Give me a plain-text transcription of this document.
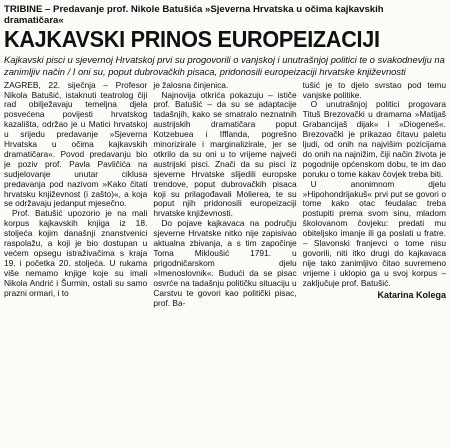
TRIBINE – Predavanje prof. Nikole Batušića »Sjeverna Hrvatska u očima kajkavskih dramatičara«
KAJKAVSKI PRINOS EUROPEIZACIJI
Kajkavski pisci u sjevernoj Hrvatskoj prvi su progovorili o vanjskoj i unutrašnjoj politici te o svakodnevlju na zanimljiv način / I oni su, poput dubrovačkih pisaca, pridonosili europeizaciji hrvatske književnosti

ZAGREB, 22. siječnja – Profesor Nikola Batušić, istaknuti teatrolog čiji rad obilježavaju temeljna djela posvećena povijesti hrvatskog kazališta, održao je u Matici hrvatskoj u srijedu predavanje »Sjeverna Hrvatska u očima kajkavskih dramatičara«. Povod predavanju bio je poziv prof. Pavla Pavličića na sudjelovanje unutar ciklusa predavanja pod nazivom »Kako čitati hrvatsku književnost (i zašto)«, a koja se održavaju jedanput mjesečno.

Prof. Batušić upozorio je na mali korpus kajkavskih knjiga iz 18. stoljeća kojim današnji znanstvenici raspolažu, a koji je bio dostupan u većem opsegu istraživačima s kraja 19. i početka 20. stoljeća. U rukama više nemamo knjige koje su imali Nikola Andrić i Šurmin, ostali su samo prazni ormari, i to

je žalosna činjenica.

Najnovija otkrića pokazuju – ističe prof. Batušić – da su se adaptacije tadašnjih, kako se smatralo neznatnih austrijskih dramatičara poput Kotzebuea i Ifflanda, pogrešno minorizirale i marginalizirale, jer se otkrilo da su oni u to vrijeme najveći austrijski pisci. Znači da su pisci iz sjeverne Hrvatske slijedili europske trendove, poput dubrovačkih pisaca koji su prilagođavali Molierea, te su poput njih pridonosili europeizaciji hrvatske književnosti.

Do pojave kajkavaca na području sjeverne Hrvatske nitko nije zapisivao aktualna zbivanja, a s tim započinje Toma Mikloušić 1791. u prigodničarskom djelu »Imenoslovnik«. Budući da se pisac osvrće na tadašnju političku situaciju u Carstvu te govori kao politički pisac, prof. Ba-

tušić je to djelo svrstao pod temu vanjske politike.

O unutrašnjoj politici progovara Tituš Brezovački u dramama »Matijaš Grabancijaš dijak« i »Diogeneš«. Brezovački je prikazao čitavu paletu ljudi, od onih na najvišim pozicijama do onih na najnižim, čiji način života je pogodnije općenskom dobu, te im dao poruku o tome kakav čovjek treba biti.

U anonimnom djelu »Hipohondrijakuš« prvi put se govori o tome kako otac feudalac treba postupiti prema svom sinu, mladom školovanom čovjeku: predati mu obiteljsko imanje ili ga poslati u fratre. – Slavonski franjevci o tome nisu govorili, niti itko drugi do kajkavaca nije tako zanimljivo čitao suvremeno vrijeme i uklopio ga u svoj korpus – zaključuje prof. Batušić.

Katarina Kolega
